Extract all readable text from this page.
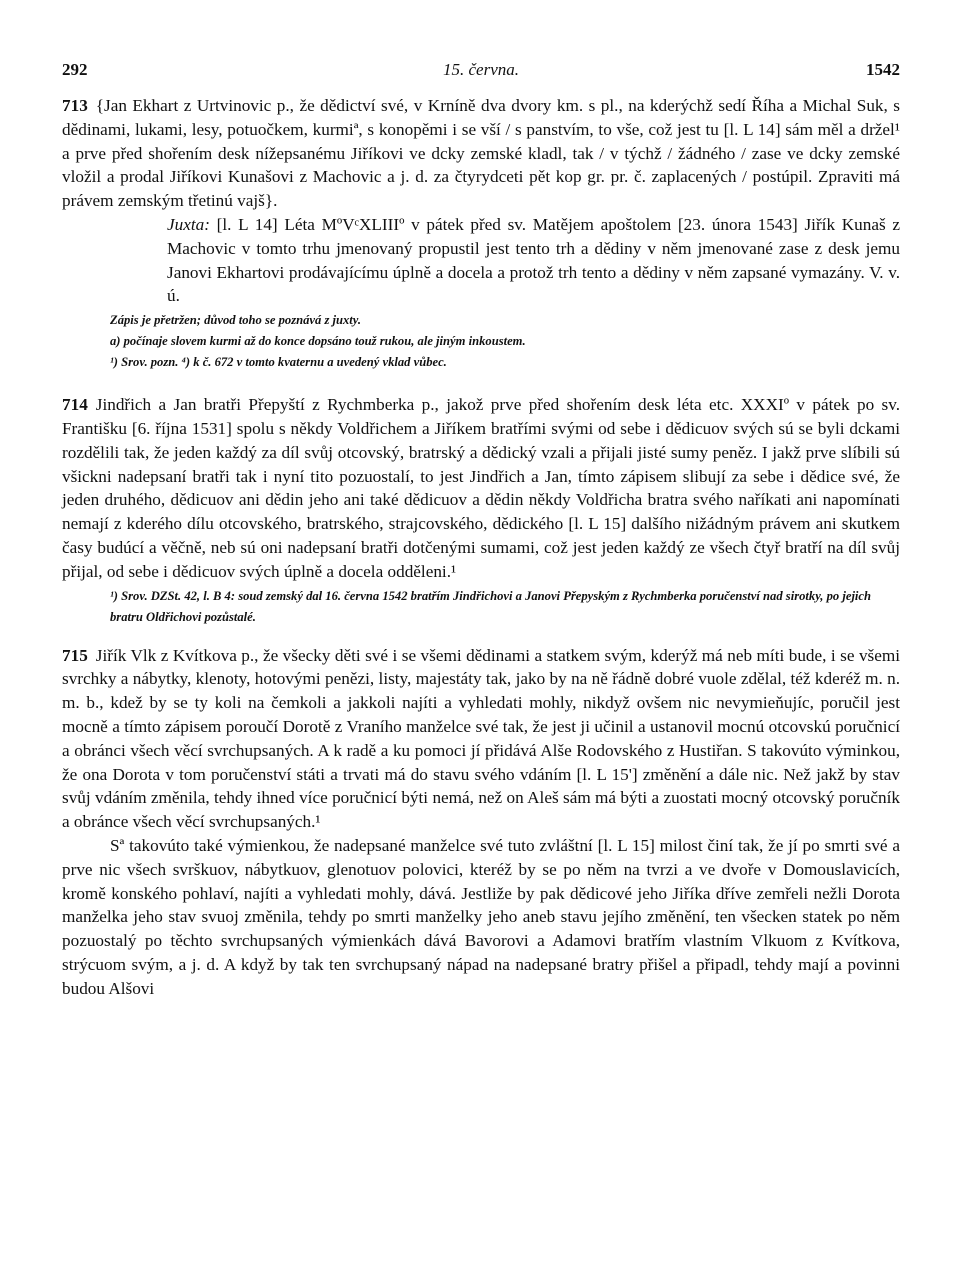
292	15. června.	1542

713 {Jan Ekhart z Urtvinovic p., že dědictví své, v Krníně dva dvory km. s pl., na kderýchž sedí Říha a Michal Suk, s dědinami, lukami, lesy, potuočkem, kurmiª, s konopěmi i se vší / s panstvím, to vše, což jest tu [l. L 14] sám měl a držel¹ a prve před shořením desk nížepsanému Jiříkovi ve dcky zemské kladl, tak / v týchž / žádného / zase ve dcky zemské vložil a prodal Jiříkovi Kunašovi z Machovic a j. d. za čtyrydceti pět kop gr. pr. č. zaplacených / postúpil. Zpraviti má právem zemským třetinú vajš}.

Juxta: [l. L 14] Léta MºVᶜXLIIIº v pátek před sv. Matějem apoštolem [23. února 1543] Jiřík Kunaš z Machovic v tomto trhu jmenovaný propustil jest tento trh a dědiny v něm jmenované zase z desk jemu Janovi Ekhartovi prodávajícímu úplně a docela a protož trh tento a dědiny v něm zapsané vymazány. V. v. ú.

Zápis je přetržen; důvod toho se poznává z juxty.

a) počínaje slovem kurmi až do konce dopsáno touž rukou, ale jiným inkoustem.

¹) Srov. pozn. ⁴) k č. 672 v tomto kvaternu a uvedený vklad vůbec.

714 Jindřich a Jan bratři Přepyští z Rychmberka p., jakož prve před shořením desk léta etc. XXXIº v pátek po sv. Františku [6. října 1531] spolu s někdy Voldřichem a Jiříkem bratřími svými od sebe i dědicuov svých sú se byli dckami rozdělili tak, že jeden každý za díl svůj otcovský, bratrský a dědický vzali a přijali jisté sumy peněz. I jakž prve slíbili sú všickni nadepsaní bratři tak i nyní tito pozuostalí, to jest Jindřich a Jan, tímto zápisem slibují za sebe i dědice své, že jeden druhého, dědicuov ani dědin jeho ani také dědicuov a dědin někdy Voldřicha bratra svého naříkati ani napomínati nemají z kderého dílu otcovského, bratrského, strajcovského, dědického [l. L 15] dalšího nižádným právem ani skutkem časy budúcí a věčně, neb sú oni nadepsaní bratři dotčenými sumami, což jest jeden každý ze všech čtyř bratří na díl svůj přijal, od sebe i dědicuov svých úplně a docela odděleni.¹

¹) Srov. DZSt. 42, l. B 4: soud zemský dal 16. června 1542 bratřím Jindřichovi a Janovi Přepyským z Rychmberka poručenství nad sirotky, po jejich bratru Oldřichovi pozůstalé.

715 Jiřík Vlk z Kvítkova p., že všecky děti své i se všemi dědinami a statkem svým, kderýž má neb míti bude, i se všemi svrchky a nábytky, klenoty, hotovými penězi, listy, majestáty tak, jako by na ně řádně dobré vuole zdělal, též kderéž m. n. m. b., kdež by se ty koli na čemkoli a jakkoli najíti a vyhledati mohly, nikdyž ovšem nic nevymieňujíc, poručil jest mocně a tímto zápisem poroučí Dorotě z Vraního manželce své tak, že jest ji učinil a ustanovil mocnú otcovskú poručnicí a obránci všech věcí svrchupsaných. A k radě a ku pomoci jí přidává Alše Rodovského z Hustiřan. S takovúto výminkou, že ona Dorota v tom poručenství státi a trvati má do stavu svého vdáním [l. L 15'] změnění a dále nic. Než jakž by stav svůj vdáním změnila, tehdy ihned více poručnicí býti nemá, než on Aleš sám má býti a zuostati mocný otcovský poručník a obránce všech věcí svrchupsaných.¹

Sª takovúto také výmienkou, že nadepsané manželce své tuto zvláštní [l. L 15] milost činí tak, že jí po smrti své a prve nic všech svrškuov, nábytkuov, glenotuov polovici, kteréž by se po něm na tvrzi a ve dvoře v Domouslavicích, kromě konského pohlaví, najíti a vyhledati mohly, dává. Jestliže by pak dědicové jeho Jiříka dříve zemřeli nežli Dorota manželka jeho stav svuoj změnila, tehdy po smrti manželky jeho aneb stavu jejího změnění, ten všecken statek po něm pozuostalý po těchto svrchupsaných výmienkách dává Bavorovi a Adamovi bratřím vlastním Vlkuom z Kvítkova, strýcuom svým, a j. d. A když by tak ten svrchupsaný nápad na nadepsané bratry přišel a připadl, tehdy mají a povinni budou Alšovi
